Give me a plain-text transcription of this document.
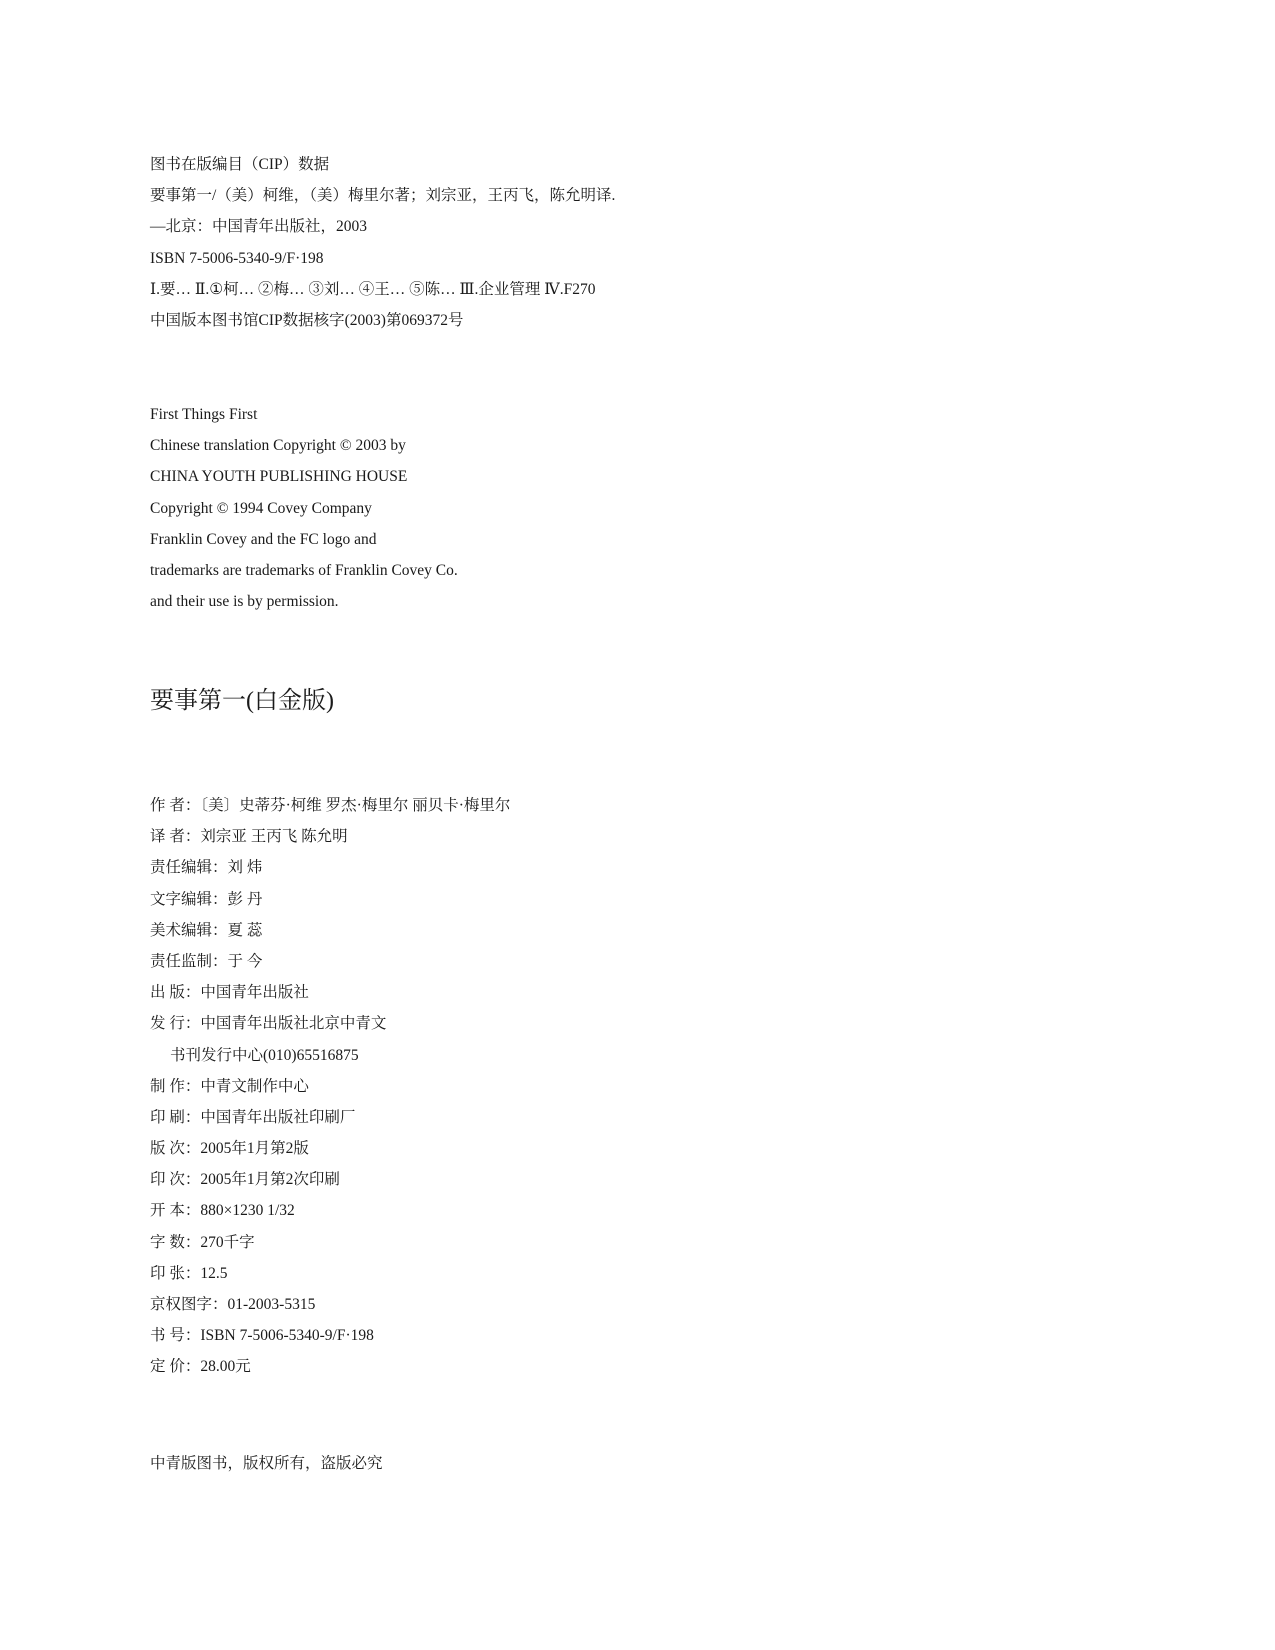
图书在版编目（CIP）数据
要事第一/（美）柯维，（美）梅里尔著；刘宗亚，王丙飞，陈允明译.
—北京：中国青年出版社，2003
ISBN 7-5006-5340-9/F·198
Ⅰ.要… Ⅱ.①柯… ②梅… ③刘… ④王… ⑤陈… Ⅲ.企业管理 Ⅳ.F270
中国版本图书馆CIP数据核字(2003)第069372号
First Things First
Chinese translation Copyright © 2003 by
CHINA YOUTH PUBLISHING HOUSE
Copyright © 1994 Covey Company
Franklin Covey and the FC logo and
trademarks are trademarks of Franklin Covey Co.
and their use is by permission.
要事第一(白金版)
作 者：〔美〕史蒂芬·柯维 罗杰·梅里尔 丽贝卡·梅里尔
译 者：刘宗亚 王丙飞 陈允明
责任编辑：刘 炜
文字编辑：彭 丹
美术编辑：夏 蕊
责任监制：于 今
出 版：中国青年出版社
发 行：中国青年出版社北京中青文
书刊发行中心(010)65516875
制 作：中青文制作中心
印 刷：中国青年出版社印刷厂
版 次：2005年1月第2版
印 次：2005年1月第2次印刷
开 本：880×1230 1/32
字 数：270千字
印 张：12.5
京权图字：01-2003-5315
书 号：ISBN 7-5006-5340-9/F·198
定 价：28.00元
中青版图书，版权所有，盗版必究
